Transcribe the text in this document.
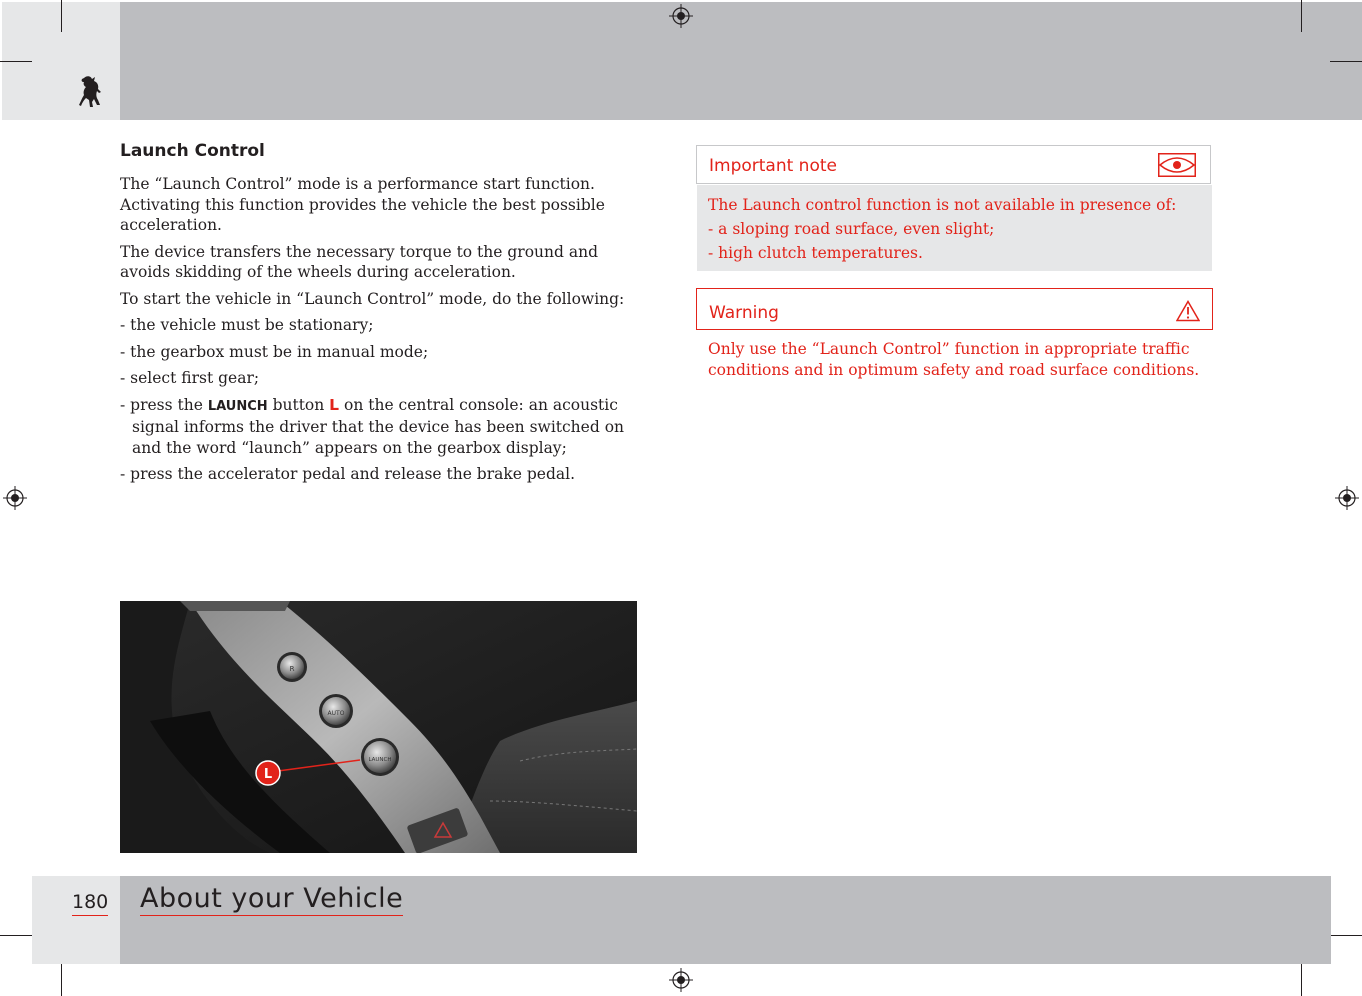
Launch Control

The “Launch Control” mode is a performance start function. Activating this function provides the vehicle the best possible acceleration.

The device transfers the necessary torque to the ground and avoids skidding of the wheels during acceleration.

To start the vehicle in “Launch Control” mode, do the following:

- the vehicle must be stationary;
- the gearbox must be in manual mode;
- select first gear;
- press the LAUNCH button L on the central console: an acoustic signal informs the driver that the device has been switched on and the word “launch” appears on the gearbox display;
- press the accelerator pedal and release the brake pedal.
R
AUTO
LAUNCH
L
Important note
The Launch control function is not available in presence of:
- a sloping road surface, even slight;
- high clutch temperatures.
Warning
Only use the “Launch Control” function in appropriate traffic conditions and in optimum safety and road surface conditions.
180 About your Vehicle
